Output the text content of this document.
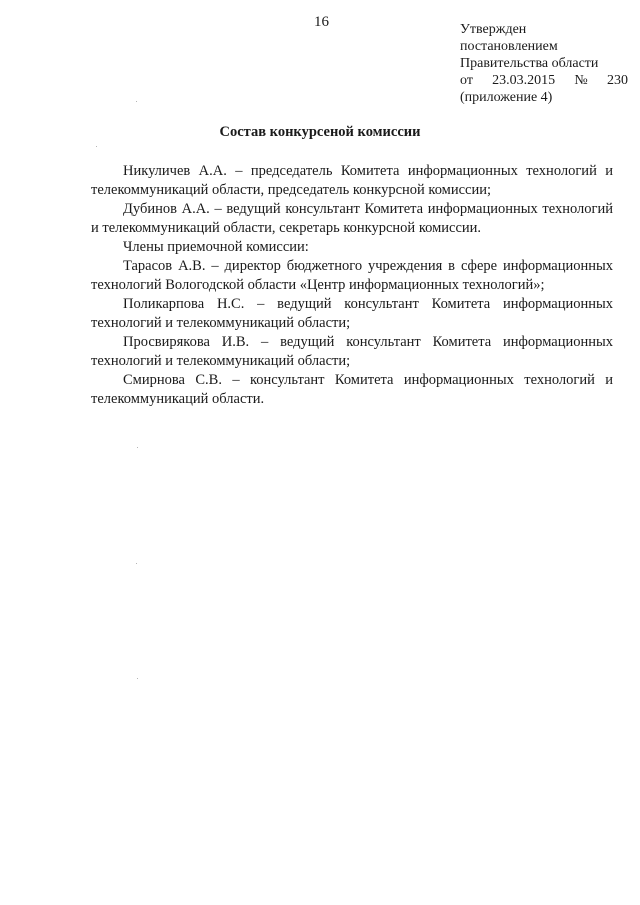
16	Утвержден
постановлением
Правительства области
от 23.03.2015 № 230
(приложение 4)
Состав конкурсеной комиссии

Никуличев А.А. – председатель Комитета информационных технологий и телекоммуникаций области, председатель конкурсной комиссии;

Дубинов А.А. – ведущий консультант Комитета информационных технологий и телекоммуникаций области, секретарь конкурсной комиссии.

Члены приемочной комиссии:

Тарасов А.В. – директор бюджетного учреждения в сфере информационных технологий Вологодской области «Центр информационных технологий»;

Поликарпова Н.С. – ведущий консультант Комитета информационных технологий и телекоммуникаций области;

Просвирякова И.В. – ведущий консультант Комитета информационных технологий и телекоммуникаций области;

Смирнова С.В. – консультант Комитета информационных технологий и телекоммуникаций области.
